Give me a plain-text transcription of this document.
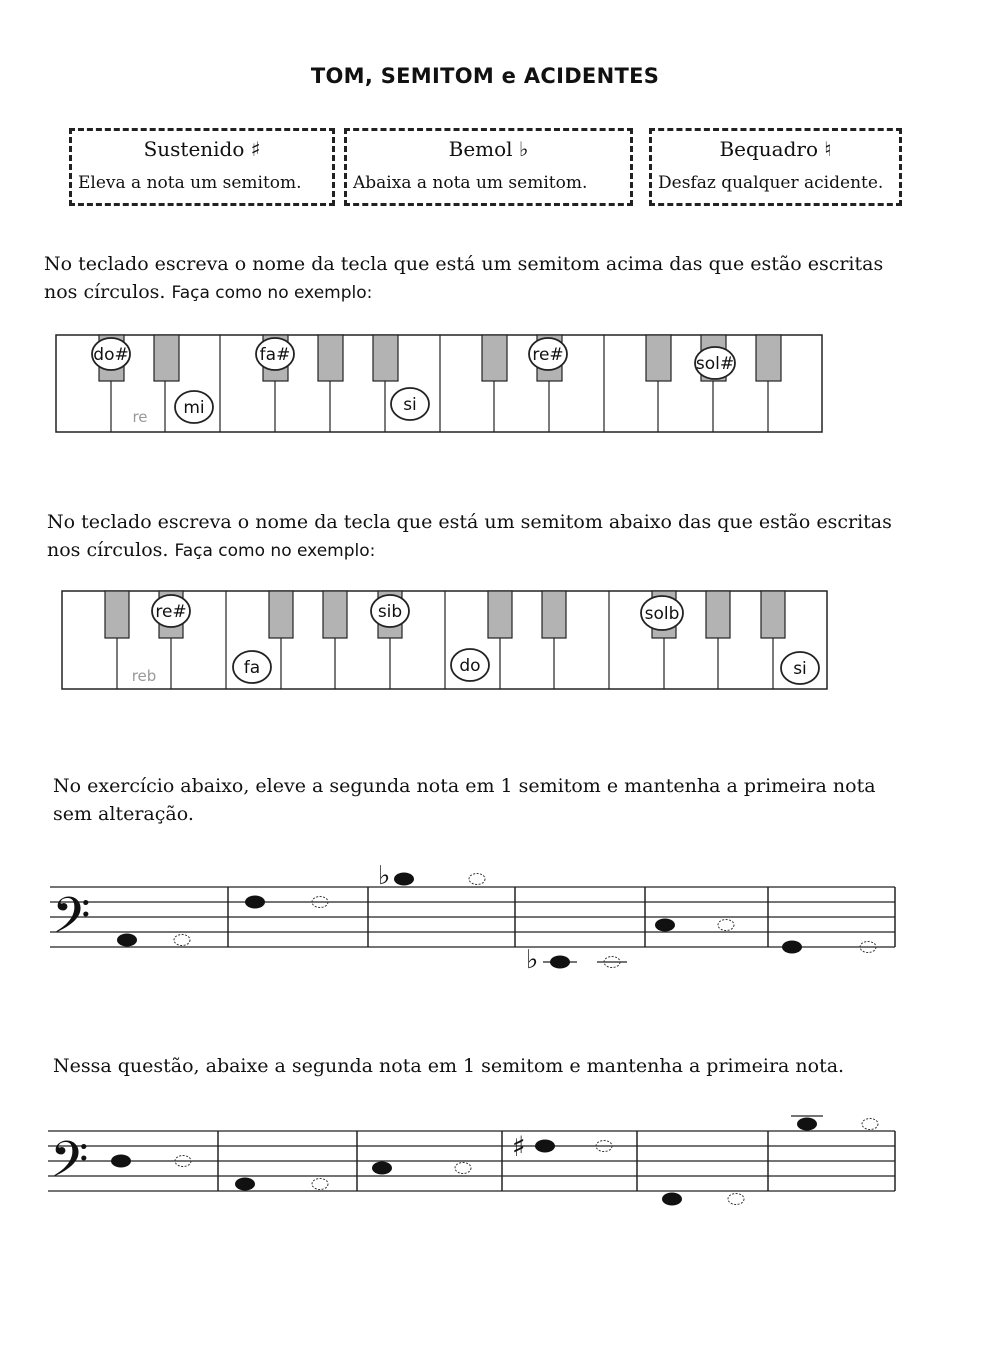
TOM, SEMITOM e ACIDENTES
Sustenido ♯
Eleva a nota um semitom.
Bemol ♭
Abaixa a nota um semitom.
Bequadro ♮
Desfaz qualquer acidente.
No teclado escreva o nome da tecla que está um semitom acima das que estão escritas
nos círculos. Faça como no exemplo:
do#
mi
fa#
si
re#	sol#
re
No teclado escreva o nome da tecla que está um semitom abaixo das que estão escritas
nos círculos. Faça como no exemplo:
re#
fa
sib
do
solb
si
reb
No exercício abaixo, eleve a segunda nota em 1 semitom e mantenha a primeira nota
sem alteração.
𝄢
♭
♭
Nessa questão, abaixe a segunda nota em 1 semitom e mantenha a primeira nota.
𝄢	♯
